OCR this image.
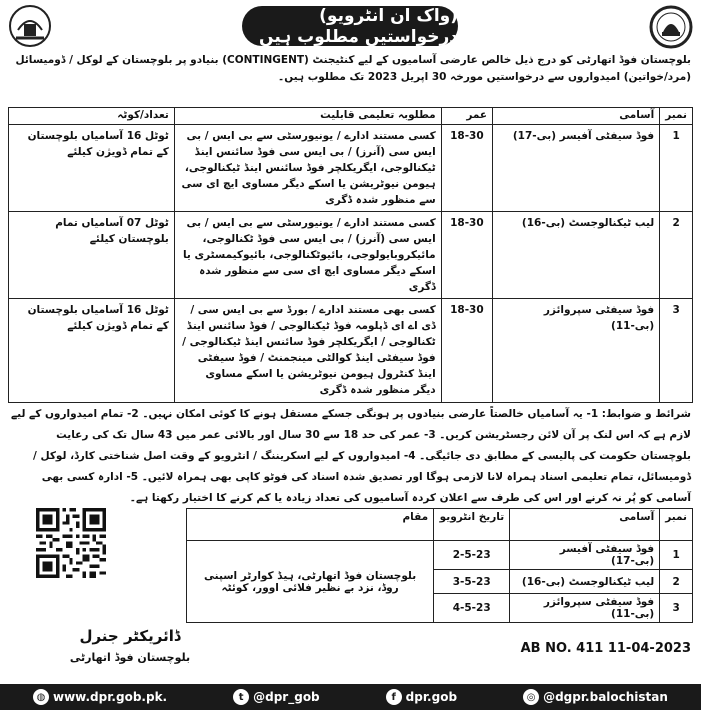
(واک ان انٹرویو) درخواستیں مطلوب ہیں
بلوچستان فوڈ اتھارٹی کو درج ذیل خالص عارضی آسامیوں کے لیے کنٹیجنٹ (CONTINGENT) بنیادو پر بلوچستان کے لوکل / ڈومیسائل (مرد/خواتین) امیدواروں سے درخواستیں مورخہ 30 اپریل 2023 تک مطلوب ہیں۔
نمبر	آسامی	عمر	مطلوبہ تعلیمی قابلیت	تعداد/کوٹہ
1	فوڈ سیفٹی آفیسر (بی-17)	18-30	کسی مستند ادارے / یونیورسٹی سے بی ایس / بی ایس سی (آنرز) / بی ایس سی فوڈ سائنس اینڈ ٹیکنالوجی، ایگریکلچر فوڈ سائنس اینڈ ٹیکنالوجی، ہیومن نیوٹریشن یا اسکے دیگر مساوی ایچ ای سی سے منظور شدہ ڈگری	ٹوٹل 16 آسامیاں بلوچستان کے تمام ڈویژن کیلئے
2	لیب ٹیکنالوجسٹ (بی-16)	18-30	کسی مستند ادارے / یونیورسٹی سے بی ایس / بی ایس سی (آنرز) / بی ایس سی فوڈ ٹکنالوجی، مائیکروبایولوجی، بائیوٹکنالوجی، بائیوکیمسٹری یا اسکے دیگر مساوی ایچ ای سی سے منظور شدہ ڈگری	ٹوٹل 07 آسامیاں تمام بلوچستان کیلئے
3	فوڈ سیفٹی سپروائزر (بی-11)	18-30	کسی بھی مستند ادارے / بورڈ سے بی ایس سی / ڈی اے ای ڈپلومہ فوڈ ٹیکنالوجی / فوڈ سائنس اینڈ ٹکنالوجی / ایگریکلچر فوڈ سائنس اینڈ ٹیکنالوجی / فوڈ سیفٹی اینڈ کوالٹی مینجمنٹ / فوڈ سیفٹی اینڈ کنٹرول ہیومن نیوٹریشن یا اسکے مساوی دیگر منظور شدہ ڈگری	ٹوٹل 16 آسامیاں بلوچستان کے تمام ڈویژن کیلئے
شرائط و ضوابط: 1- یہ آسامیاں خالصتاً عارضی بنیادوں پر ہونگی جسکے مستقل ہونے کا کوئی امکان نہیں۔ 2- تمام امیدواروں کے لیے لازم ہے کہ اس لنک پر آن لائن رجسٹریشن کریں۔ 3- عمر کی حد 18 سے 30 سال اور بالائی عمر میں 43 سال تک کی رعایت بلوچستان حکومت کی پالیسی کے مطابق دی جائیگی۔ 4- امیدواروں کے لیے اسکریننگ / انٹرویو کے وقت اصل شناختی کارڈ، لوکل / ڈومیسائل، تمام تعلیمی اسناد ہمراہ لانا لازمی ہوگا اور تصدیق شدہ اسناد کی فوٹو کاپی بھی ہمراہ لائیں۔ 5- ادارہ کسی بھی آسامی کو پُر نہ کرنے اور اس کی طرف سے اعلان کردہ آسامیوں کی تعداد زیادہ یا کم کرنے کا اختیار رکھتا ہے۔
نمبر	آسامی	تاریخ انٹرویو	مقام
1	فوڈ سیفٹی آفیسر (بی-17)	2-5-23	بلوچستان فوڈ اتھارٹی، ہیڈ کوارٹر اسپنی روڈ، نزد بے نظیر فلائی اوور، کوئٹہ
2	لیب ٹیکنالوجسٹ (بی-16)	3-5-23	
3	فوڈ سیفٹی سپروائزر (بی-11)	4-5-23	
ڈائریکٹر جنرل
بلوچستان فوڈ اتھارٹی
AB NO. 411 11-04-2023
◍ www.dpr.gob.pk.	t @dpr_gob	f dpr.gob	◎ @dgpr.balochistan
